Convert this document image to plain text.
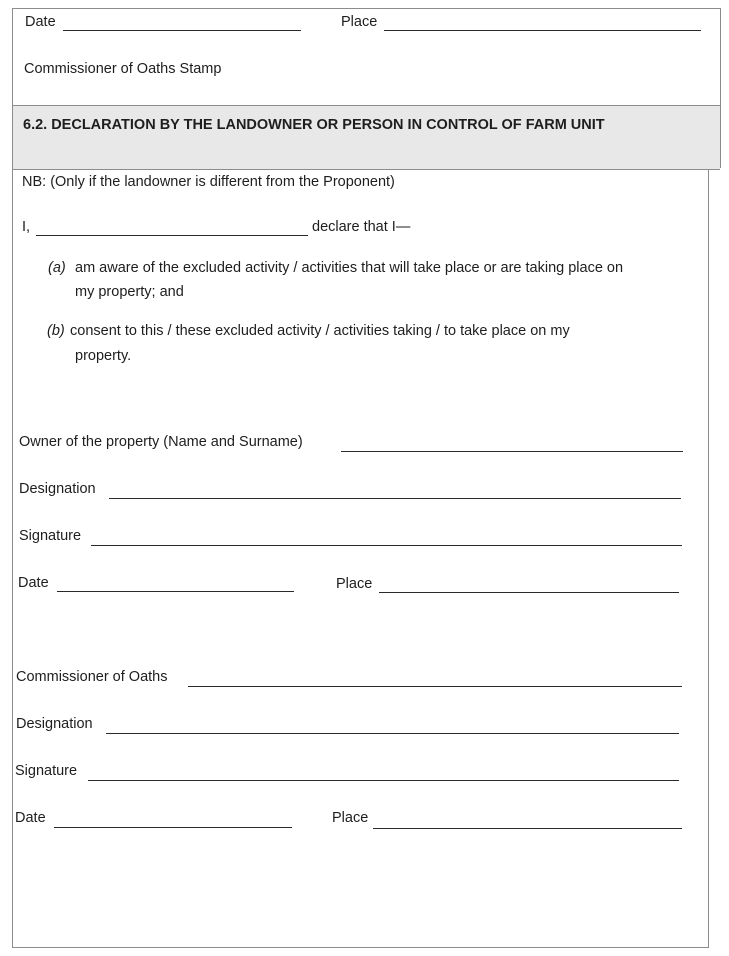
Date	Place
Commissioner of Oaths Stamp
6.2. DECLARATION BY THE LANDOWNER OR PERSON IN CONTROL OF FARM UNIT
NB: (Only if the landowner is different from the Proponent)
I,	declare that I—
(a) am aware of the excluded activity / activities that will take place or are taking place on
my property; and
(b) consent to this / these excluded activity / activities taking / to take place on my
property.
Owner of the property (Name and Surname)
Designation
Signature
Date	Place
Commissioner of Oaths
Designation
Signature
Date	Place
